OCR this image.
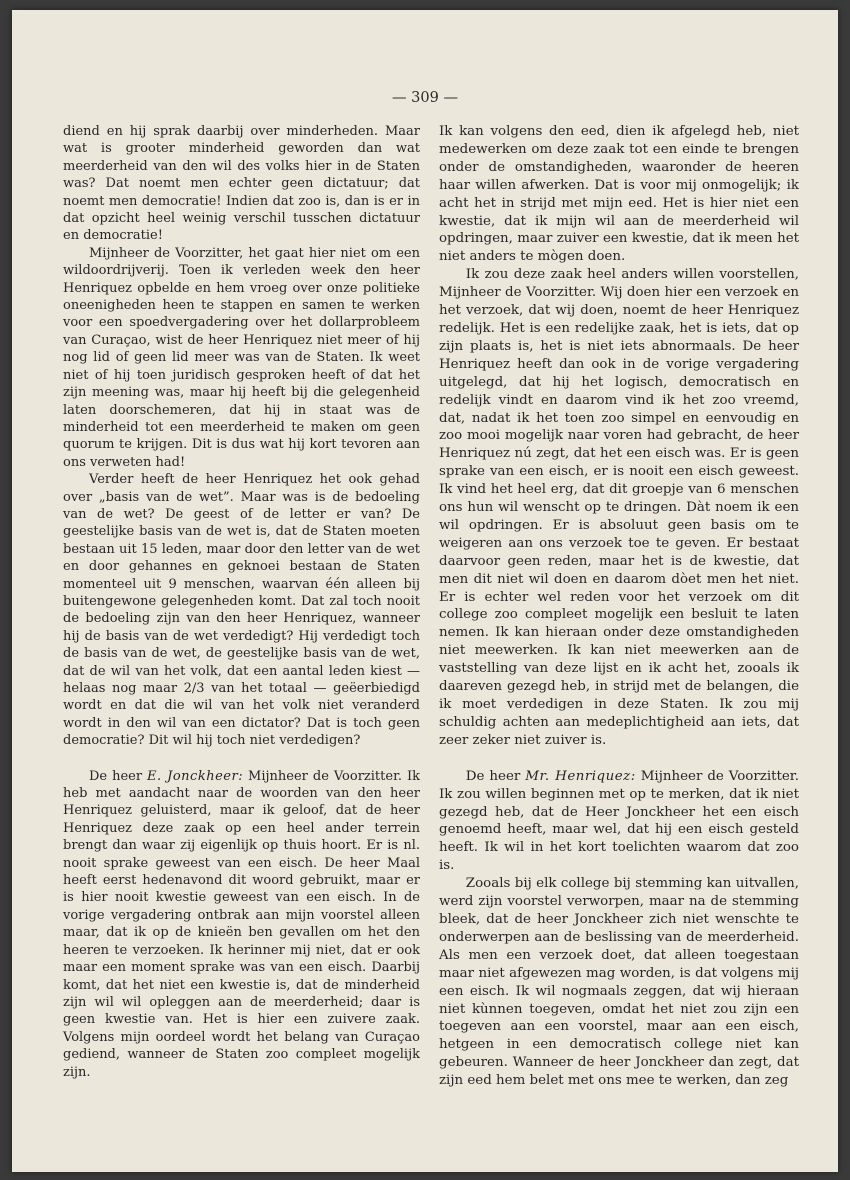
— 309 —

diend en hij sprak daarbij over minderheden. Maar wat is grooter minderheid geworden dan wat meerderheid van den wil des volks hier in de Staten was? Dat noemt men echter geen dictatuur; dat noemt men democratie! Indien dat zoo is, dan is er in dat opzicht heel weinig verschil tusschen dictatuur en democratie!

Mijnheer de Voorzitter, het gaat hier niet om een wildoordrijverij. Toen ik verleden week den heer Henriquez opbelde en hem vroeg over onze politieke oneenigheden heen te stappen en samen te werken voor een spoedvergadering over het dollarprobleem van Curaçao, wist de heer Henriquez niet meer of hij nog lid of geen lid meer was van de Staten. Ik weet niet of hij toen juridisch gesproken heeft of dat het zijn meening was, maar hij heeft bij die gelegenheid laten doorschemeren, dat hij in staat was de minderheid tot een meerderheid te maken om geen quorum te krijgen. Dit is dus wat hij kort tevoren aan ons verweten had!

Verder heeft de heer Henriquez het ook gehad over „basis van de wet”. Maar was is de bedoeling van de wet? De geest of de letter er van? De geestelijke basis van de wet is, dat de Staten moeten bestaan uit 15 leden, maar door den letter van de wet en door gehannes en geknoei bestaan de Staten momenteel uit 9 menschen, waarvan één alleen bij buitengewone gelegenheden komt. Dat zal toch nooit de bedoeling zijn van den heer Henriquez, wanneer hij de basis van de wet verdedigt? Hij verdedigt toch de basis van de wet, de geestelijke basis van de wet, dat de wil van het volk, dat een aantal leden kiest — helaas nog maar 2/3 van het totaal — geëerbiedigd wordt en dat die wil van het volk niet veranderd wordt in den wil van een dictator? Dat is toch geen democratie? Dit wil hij toch niet verdedigen?

De heer E. Jonckheer: Mijnheer de Voorzitter. Ik heb met aandacht naar de woorden van den heer Henriquez geluisterd, maar ik geloof, dat de heer Henriquez deze zaak op een heel ander terrein brengt dan waar zij eigenlijk op thuis hoort. Er is nl. nooit sprake geweest van een eisch. De heer Maal heeft eerst hedenavond dit woord gebruikt, maar er is hier nooit kwestie geweest van een eisch. In de vorige vergadering ontbrak aan mijn voorstel alleen maar, dat ik op de knieën ben gevallen om het den heeren te verzoeken. Ik herinner mij niet, dat er ook maar een moment sprake was van een eisch. Daarbij komt, dat het niet een kwestie is, dat de minderheid zijn wil wil opleggen aan de meerderheid; daar is geen kwestie van. Het is hier een zuivere zaak. Volgens mijn oordeel wordt het belang van Curaçao gediend, wanneer de Staten zoo compleet mogelijk zijn.

Ik kan volgens den eed, dien ik afgelegd heb, niet medewerken om deze zaak tot een einde te brengen onder de omstandigheden, waaronder de heeren haar willen afwerken. Dat is voor mij onmogelijk; ik acht het in strijd met mijn eed. Het is hier niet een kwestie, dat ik mijn wil aan de meerderheid wil opdringen, maar zuiver een kwestie, dat ik meen het niet anders te mògen doen.

Ik zou deze zaak heel anders willen voorstellen, Mijnheer de Voorzitter. Wij doen hier een verzoek en het verzoek, dat wij doen, noemt de heer Henriquez redelijk. Het is een redelijke zaak, het is iets, dat op zijn plaats is, het is niet iets abnormaals. De heer Henriquez heeft dan ook in de vorige vergadering uitgelegd, dat hij het logisch, democratisch en redelijk vindt en daarom vind ik het zoo vreemd, dat, nadat ik het toen zoo simpel en eenvoudig en zoo mooi mogelijk naar voren had gebracht, de heer Henriquez nú zegt, dat het een eisch was. Er is geen sprake van een eisch, er is nooit een eisch geweest. Ik vind het heel erg, dat dit groepje van 6 menschen ons hun wil wenscht op te dringen. Dàt noem ik een wil opdringen. Er is absoluut geen basis om te weigeren aan ons verzoek toe te geven. Er bestaat daarvoor geen reden, maar het is de kwestie, dat men dit niet wil doen en daarom dòet men het niet. Er is echter wel reden voor het verzoek om dit college zoo compleet mogelijk een besluit te laten nemen. Ik kan hieraan onder deze omstandigheden niet meewerken. Ik kan niet meewerken aan de vaststelling van deze lijst en ik acht het, zooals ik daareven gezegd heb, in strijd met de belangen, die ik moet verdedigen in deze Staten. Ik zou mij schuldig achten aan medeplichtigheid aan iets, dat zeer zeker niet zuiver is.

De heer Mr. Henriquez: Mijnheer de Voorzitter. Ik zou willen beginnen met op te merken, dat ik niet gezegd heb, dat de Heer Jonckheer het een eisch genoemd heeft, maar wel, dat hij een eisch gesteld heeft. Ik wil in het kort toelichten waarom dat zoo is.

Zooals bij elk college bij stemming kan uitvallen, werd zijn voorstel verworpen, maar na de stemming bleek, dat de heer Jonckheer zich niet wenschte te onderwerpen aan de beslissing van de meerderheid. Als men een verzoek doet, dat alleen toegestaan maar niet afgewezen mag worden, is dat volgens mij een eisch. Ik wil nogmaals zeggen, dat wij hieraan niet kùnnen toegeven, omdat het niet zou zijn een toegeven aan een voorstel, maar aan een eisch, hetgeen in een democratisch college niet kan gebeuren. Wanneer de heer Jonckheer dan zegt, dat zijn eed hem belet met ons mee te werken, dan zeg
